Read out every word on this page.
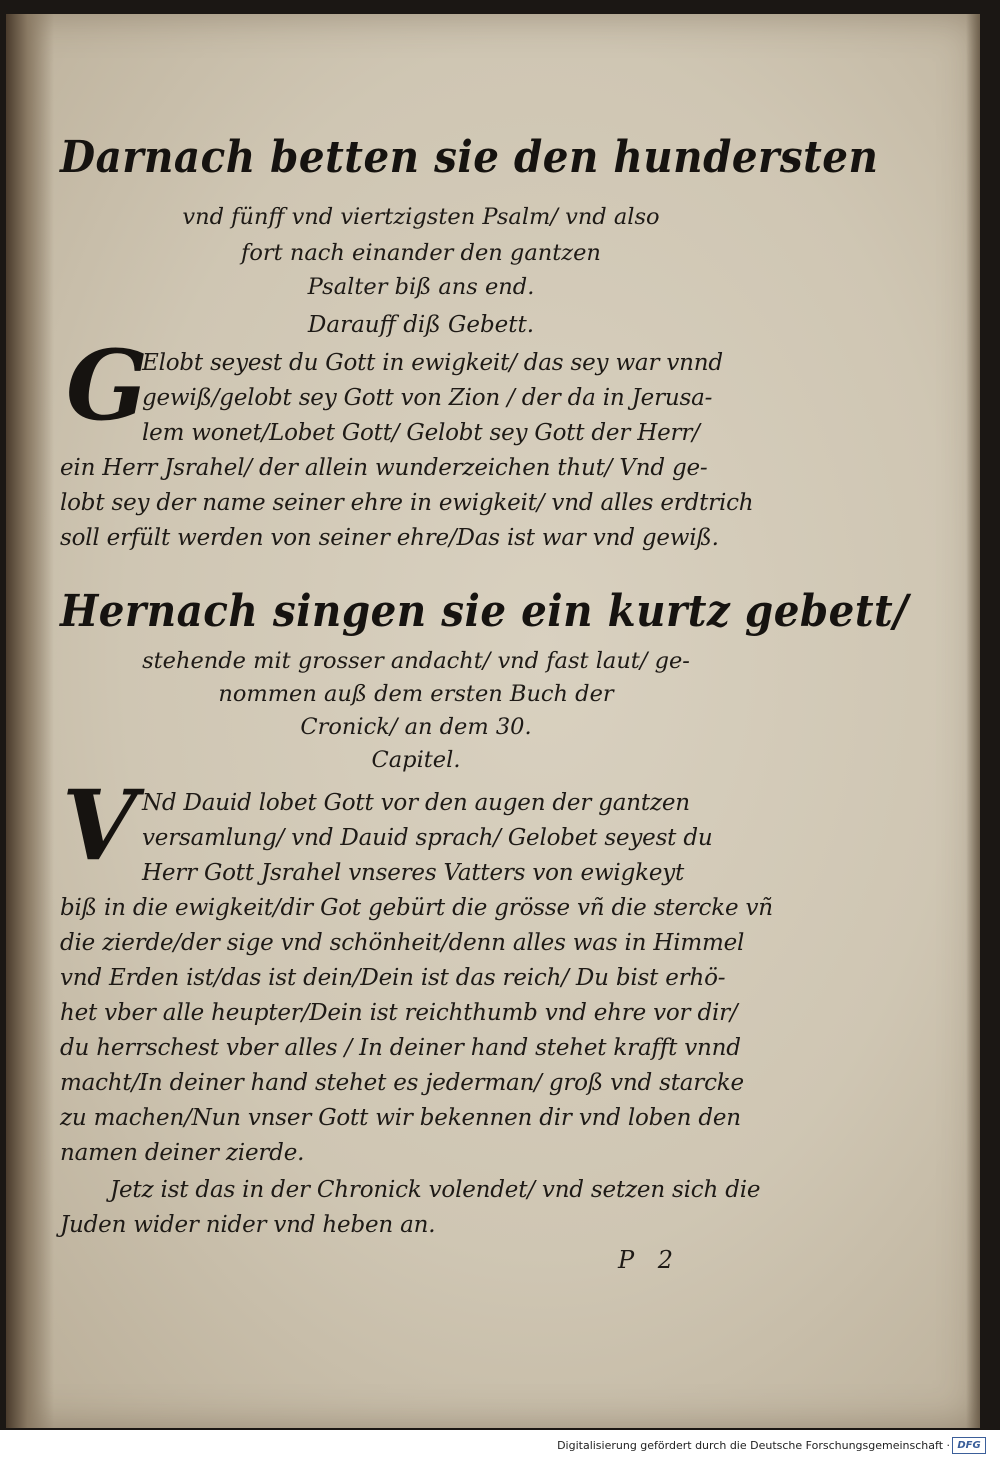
Darnach betten sie den hundersten
vnd fünff vnd viertzigsten Psalm/ vnd also
fort nach einander den gantzen
Psalter biß ans end.
Darauff diß Gebett.
G
Elobt seyest du Gott in ewigkeit/ das sey war vnnd
gewiß/gelobt sey Gott von Zion / der da in Jerusa-
lem wonet/Lobet Gott/ Gelobt sey Gott der Herr/
ein Herr Jsrahel/ der allein wunderzeichen thut/ Vnd ge-
lobt sey der name seiner ehre in ewigkeit/ vnd alles erdtrich
soll erfült werden von seiner ehre/Das ist war vnd gewiß.
Hernach singen sie ein kurtz gebett/
stehende mit grosser andacht/ vnd fast laut/ ge-
nommen auß dem ersten Buch der
Cronick/ an dem 30.
Capitel.
V Nd Dauid lobet Gott vor den augen der gantzen
versamlung/ vnd Dauid sprach/ Gelobet seyest du
Herr Gott Jsrahel vnseres Vatters von ewigkeyt
biß in die ewigkeit/dir Got gebürt die grösse vñ die stercke vñ
die zierde/der sige vnd schönheit/denn alles was in Himmel
vnd Erden ist/das ist dein/Dein ist das reich/ Du bist erhö-
het vber alle heupter/Dein ist reichthumb vnd ehre vor dir/
du herrschest vber alles / In deiner hand stehet krafft vnnd
macht/In deiner hand stehet es jederman/ groß vnd starcke
zu machen/Nun vnser Gott wir bekennen dir vnd loben den
namen deiner zierde.
Jetz ist das in der Chronick volendet/ vnd setzen sich die
Juden wider nider vnd heben an.
P 2
Digitalisierung gefördert durch die Deutsche Forschungsgemeinschaft · DFG
